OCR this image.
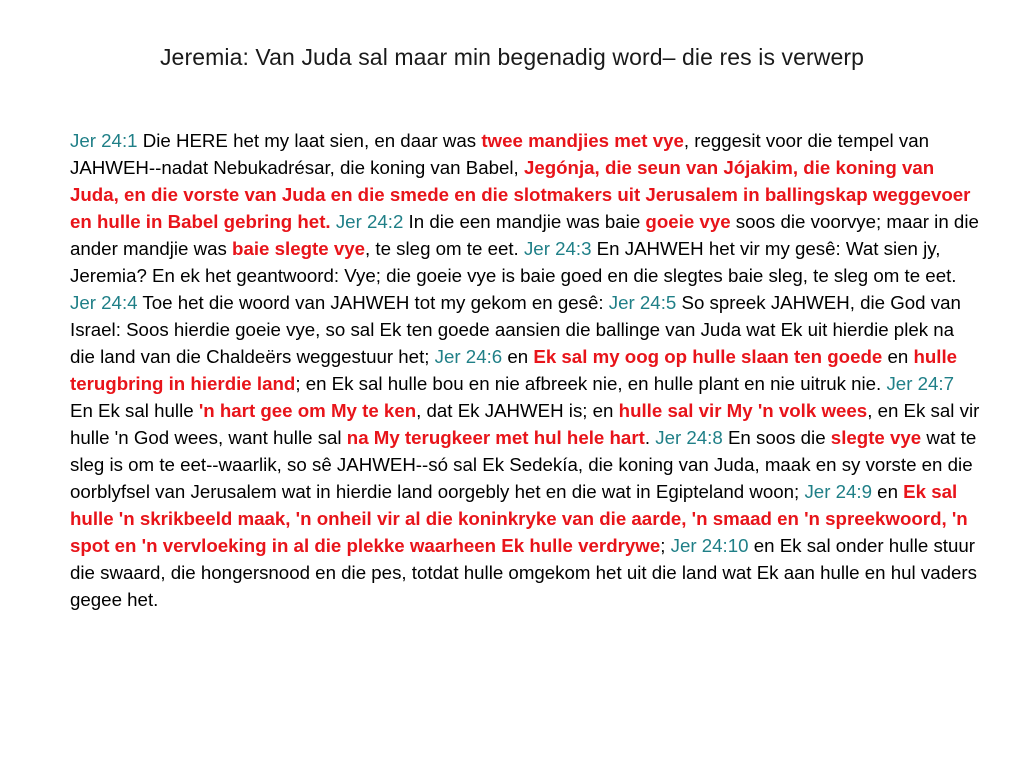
Jeremia: Van Juda sal maar min begenadig word– die res is verwerp
Jer 24:1 Die HERE het my laat sien, en daar was twee mandjies met vye, reggesit voor die tempel van JAHWEH--nadat Nebukadrésar, die koning van Babel, Jegónja, die seun van Jójakim, die koning van Juda, en die vorste van Juda en die smede en die slotmakers uit Jerusalem in ballingskap weggevoer en hulle in Babel gebring het. Jer 24:2 In die een mandjie was baie goeie vye soos die voorvye; maar in die ander mandjie was baie slegte vye, te sleg om te eet. Jer 24:3 En JAHWEH het vir my gesê: Wat sien jy, Jeremia? En ek het geantwoord: Vye; die goeie vye is baie goed en die slegtes baie sleg, te sleg om te eet. Jer 24:4 Toe het die woord van JAHWEH tot my gekom en gesê: Jer 24:5 So spreek JAHWEH, die God van Israel: Soos hierdie goeie vye, so sal Ek ten goede aansien die ballinge van Juda wat Ek uit hierdie plek na die land van die Chaldeërs weggestuur het; Jer 24:6 en Ek sal my oog op hulle slaan ten goede en hulle terugbring in hierdie land; en Ek sal hulle bou en nie afbreek nie, en hulle plant en nie uitruk nie. Jer 24:7 En Ek sal hulle 'n hart gee om My te ken, dat Ek JAHWEH is; en hulle sal vir My 'n volk wees, en Ek sal vir hulle 'n God wees, want hulle sal na My terugkeer met hul hele hart. Jer 24:8 En soos die slegte vye wat te sleg is om te eet--waarlik, so sê JAHWEH--só sal Ek Sedekía, die koning van Juda, maak en sy vorste en die oorblyfsel van Jerusalem wat in hierdie land oorgebly het en die wat in Egipteland woon; Jer 24:9 en Ek sal hulle 'n skrikbeeld maak, 'n onheil vir al die koninkryke van die aarde, 'n smaad en 'n spreekwoord, 'n spot en 'n vervloeking in al die plekke waarheen Ek hulle verdrywe; Jer 24:10 en Ek sal onder hulle stuur die swaard, die hongersnood en die pes, totdat hulle omgekom het uit die land wat Ek aan hulle en hul vaders gegee het.
